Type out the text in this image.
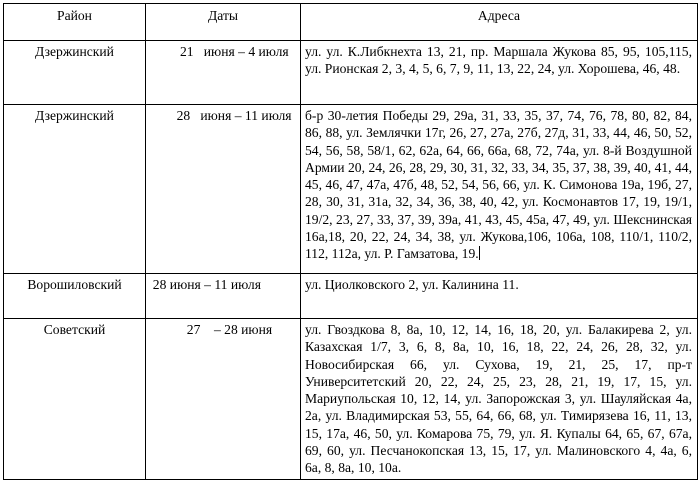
Район	Даты	Адреса
Дзержинский	21   июня – 4 июля	ул. ул. К.Либкнехта 13, 21, пр. Маршала Жукова 85, 95, 105,115, ул. Рионская 2, 3, 4, 5, 6, 7, 9, 11, 13, 22, 24, ул. Хорошева, 46, 48.
Дзержинский	28   июня – 11 июля	б-р 30-летия Победы 29, 29а, 31, 33, 35, 37, 74, 76, 78, 80, 82, 84, 86, 88, ул. Землячки 17г, 26, 27, 27а, 27б, 27д, 31, 33, 44, 46, 50, 52, 54, 56, 58, 58/1, 62, 62а, 64, 66, 66а, 68, 72, 74а, ул. 8-й Воздушной Армии 20, 24, 26, 28, 29, 30, 31, 32, 33, 34, 35, 37, 38, 39, 40, 41, 44, 45, 46, 47, 47а, 47б, 48, 52, 54, 56, 66, ул. К. Симонова 19а, 19б, 27, 28, 30, 31, 31а, 32, 34, 36, 38, 40, 42, ул. Космонавтов 17, 19, 19/1, 19/2, 23, 27, 33, 37, 39, 39а, 41, 43, 45, 45а, 47, 49, ул. Шекснинская 16а,18, 20, 22, 24, 34, 38, ул. Жукова,106, 106а, 108, 110/1, 110/2, 112, 112а, ул. Р. Гамзатова, 19.
Ворошиловский	28 июня – 11 июля	ул. Циолковского 2, ул. Калинина 11.
Советский	27    – 28 июня	ул. Гвоздкова 8, 8а, 10, 12, 14, 16, 18, 20, ул. Балакирева 2, ул. Казахская 1/7, 3, 6, 8, 8а, 10, 16, 18, 22, 24, 26, 28, 32, ул. Новосибирская 66, ул. Сухова, 19, 21, 25, 17, пр-т Университетский 20, 22, 24, 25, 23, 28, 21, 19, 17, 15, ул. Мариупольская 10, 12, 14, ул. Запорожская 3, ул. Шауляйская 4а, 2а, ул. Владимирская 53, 55, 64, 66, 68, ул. Тимирязева 16, 11, 13, 15, 17а, 46, 50, ул. Комарова 75, 79, ул. Я. Купалы 64, 65, 67, 67а, 69, 60, ул. Песчанокопская 13, 15, 17, ул. Малиновского 4, 4а, 6, 6а, 8, 8а, 10, 10а.
